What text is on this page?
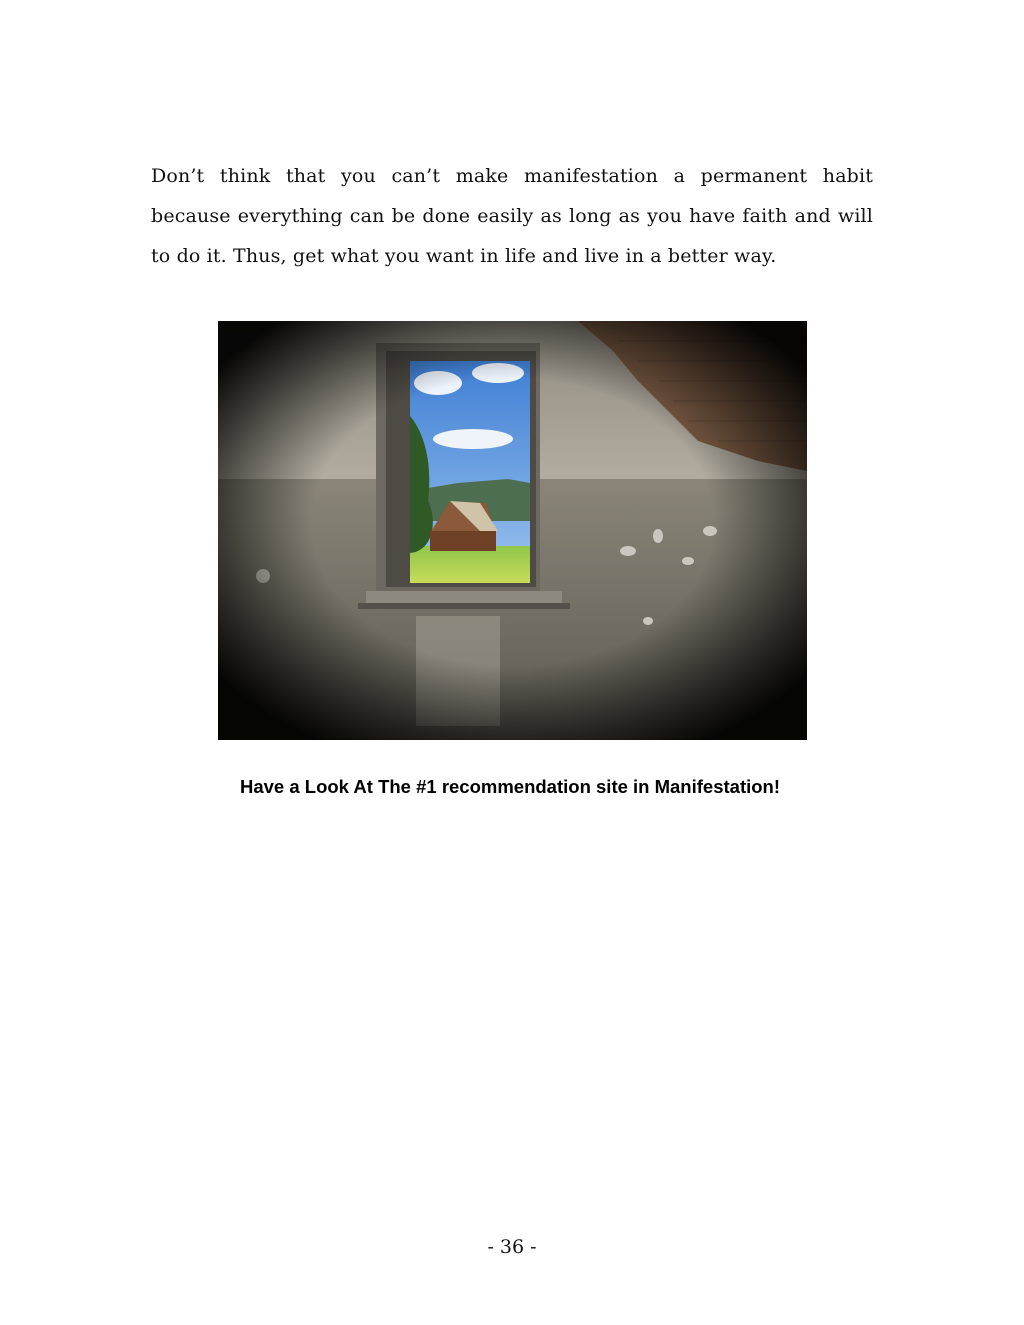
Don’t think that you can’t make manifestation a permanent habit because everything can be done easily as long as you have faith and will to do it. Thus, get what you want in life and live in a better way.

Have a Look At The #1 recommendation site in Manifestation!
- 36 -
